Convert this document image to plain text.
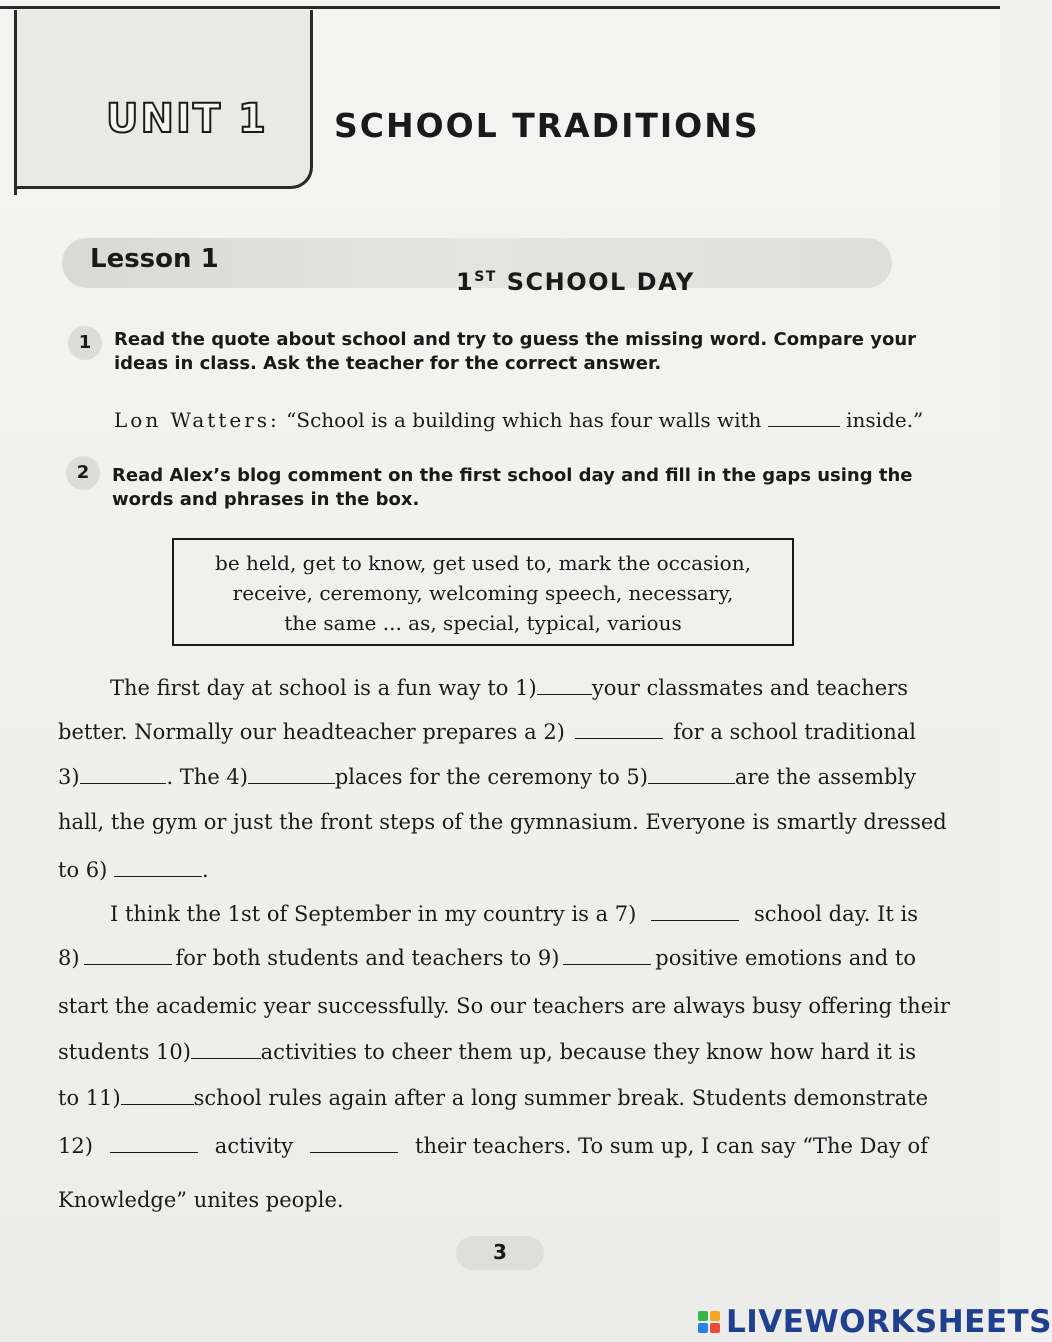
UNIT 1 SCHOOL TRADITIONS
Lesson 1
1ST SCHOOL DAY
1	Read the quote about school and try to guess the missing word. Compare your
ideas in class. Ask the teacher for the correct answer.
Lon Watters: “School is a building which has four walls with	inside.”
2	Read Alex’s blog comment on the first school day and fill in the gaps using the
words and phrases in the box.
be held, get to know, get used to, mark the occasion,
receive, ceremony, welcoming speech, necessary,
the same ... as, special, typical, various
The first day at school is a fun way to 1)	your classmates and teachers
better. Normally our headteacher prepares a 2)	for a school traditional
3)	. The 4)	places for the ceremony to 5)	are the assembly
hall, the gym or just the front steps of the gymnasium. Everyone is smartly dressed
to 6)	.
I think the 1st of September in my country is a 7)	school day. It is
8)	for both students and teachers to 9)	positive emotions and to
start the academic year successfully. So our teachers are always busy offering their
students 10)	activities to cheer them up, because they know how hard it is
to 11)	school rules again after a long summer break. Students demonstrate
12)	activity	their teachers. To sum up, I can say “The Day of
Knowledge” unites people.
3
LIVEWORKSHEETS
